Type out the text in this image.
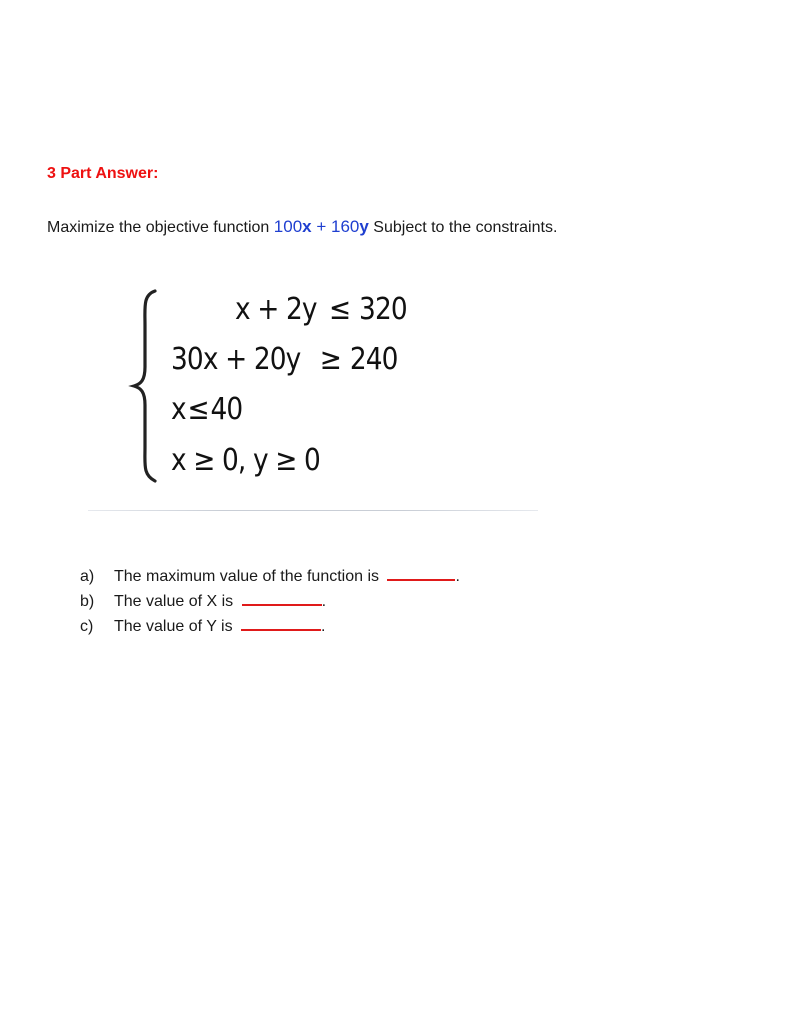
3 Part Answer:
Maximize the objective function 100x + 160y Subject to the constraints.
x + 2y ≤ 320
30x + 20y ≥ 240
x≤40
x ≥ 0, y ≥ 0
a) The maximum value of the function is	.
b) The value of X is	.
c) The value of Y is	.
